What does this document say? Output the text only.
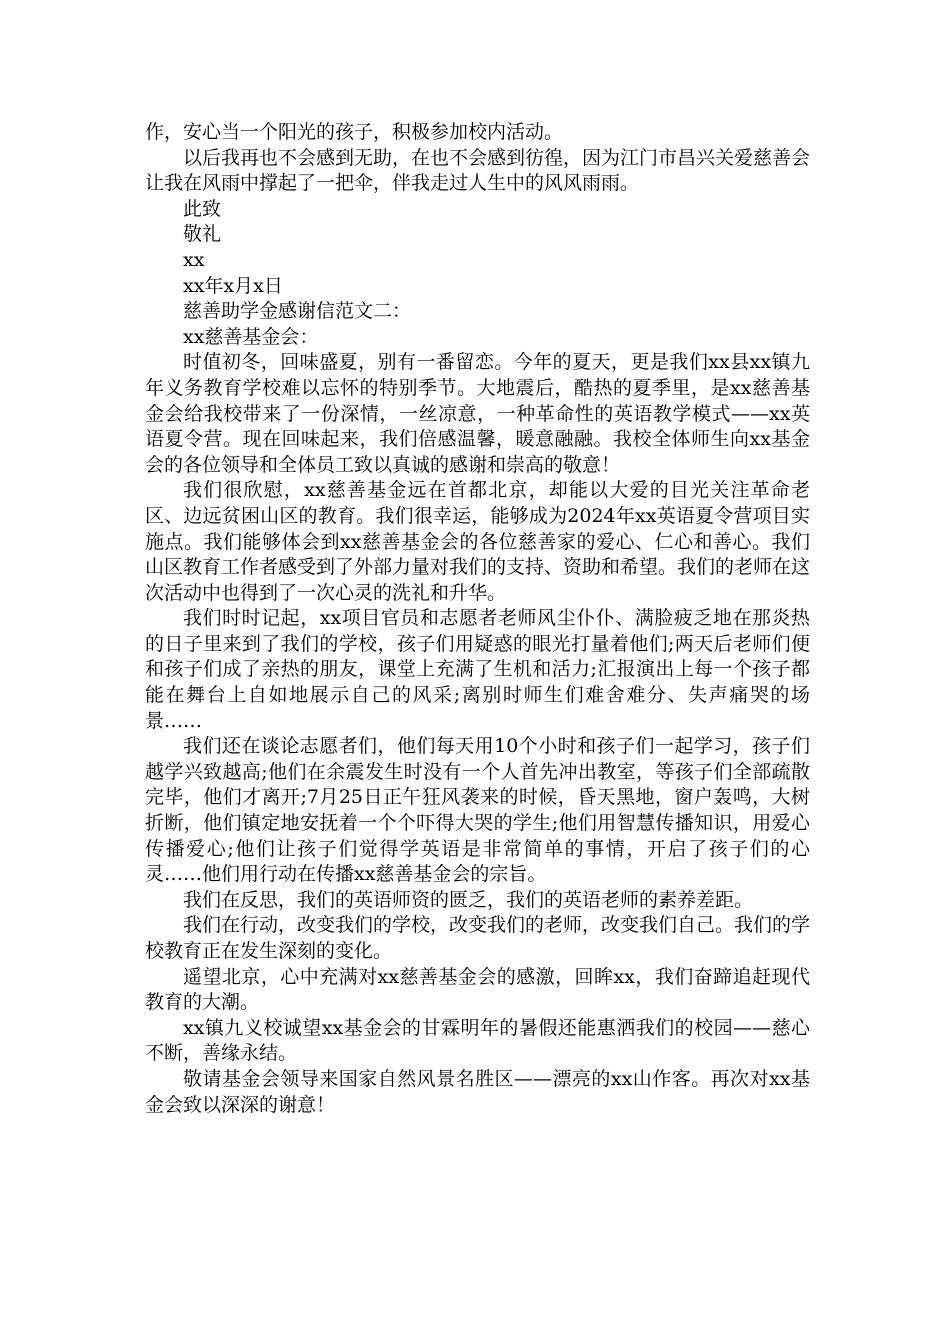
作，安心当一个阳光的孩子，积极参加校内活动。

以后我再也不会感到无助，在也不会感到彷徨，因为江门市昌兴关爱慈善会让我在风雨中撑起了一把伞，伴我走过人生中的风风雨雨。

此致

敬礼

xx

xx年x月x日

慈善助学金感谢信范文二：

xx慈善基金会：

时值初冬，回味盛夏，别有一番留恋。今年的夏天，更是我们xx县xx镇九年义务教育学校难以忘怀的特别季节。大地震后，酷热的夏季里，是xx慈善基金会给我校带来了一份深情，一丝凉意，一种革命性的英语教学模式——xx英语夏令营。现在回味起来，我们倍感温馨，暖意融融。我校全体师生向xx基金会的各位领导和全体员工致以真诚的感谢和崇高的敬意！

我们很欣慰，xx慈善基金远在首都北京，却能以大爱的目光关注革命老区、边远贫困山区的教育。我们很幸运，能够成为2024年xx英语夏令营项目实施点。我们能够体会到xx慈善基金会的各位慈善家的爱心、仁心和善心。我们山区教育工作者感受到了外部力量对我们的支持、资助和希望。我们的老师在这次活动中也得到了一次心灵的洗礼和升华。

我们时时记起，xx项目官员和志愿者老师风尘仆仆、满脸疲乏地在那炎热的日子里来到了我们的学校，孩子们用疑惑的眼光打量着他们;两天后老师们便和孩子们成了亲热的朋友，课堂上充满了生机和活力;汇报演出上每一个孩子都能在舞台上自如地展示自己的风采;离别时师生们难舍难分、失声痛哭的场景……

我们还在谈论志愿者们，他们每天用10个小时和孩子们一起学习，孩子们越学兴致越高;他们在余震发生时没有一个人首先冲出教室，等孩子们全部疏散完毕，他们才离开;7月25日正午狂风袭来的时候，昏天黑地，窗户轰鸣，大树折断，他们镇定地安抚着一个个吓得大哭的学生;他们用智慧传播知识，用爱心传播爱心;他们让孩子们觉得学英语是非常简单的事情，开启了孩子们的心灵……他们用行动在传播xx慈善基金会的宗旨。

我们在反思，我们的英语师资的匮乏，我们的英语老师的素养差距。

我们在行动，改变我们的学校，改变我们的老师，改变我们自己。我们的学校教育正在发生深刻的变化。

遥望北京，心中充满对xx慈善基金会的感激，回眸xx，我们奋蹄追赶现代教育的大潮。

xx镇九义校诚望xx基金会的甘霖明年的暑假还能惠洒我们的校园——慈心不断，善缘永结。

敬请基金会领导来国家自然风景名胜区——漂亮的xx山作客。再次对xx基金会致以深深的谢意！
